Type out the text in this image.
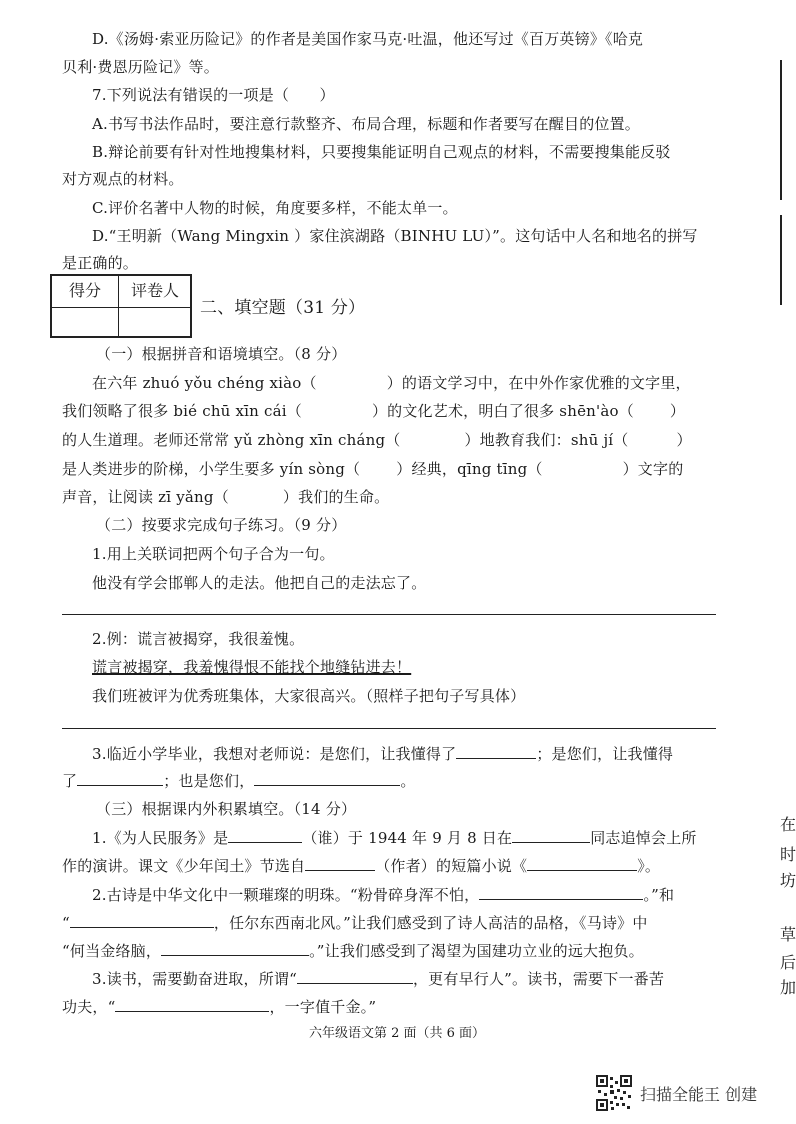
D.《汤姆·索亚历险记》的作者是美国作家马克·吐温，他还写过《百万英镑》《哈克
贝利·费恩历险记》等。
7.下列说法有错误的一项是（　　）
A.书写书法作品时，要注意行款整齐、布局合理，标题和作者要写在醒目的位置。
B.辩论前要有针对性地搜集材料，只要搜集能证明自己观点的材料，不需要搜集能反驳
对方观点的材料。
C.评价名著中人物的时候，角度要多样，不能太单一。
D.“王明新（Wang Mingxin ）家住滨湖路（BINHU LU）”。这句话中人名和地名的拼写
是正确的。
得分	评卷人
二、填空题（31 分）
（一）根据拼音和语境填空。（8 分）
在六年 zhuó yǒu chéng xiào（	）的语文学习中，在中外作家优雅的文字里，
我们领略了很多 bié chū xīn cái（	）的文化艺术，明白了很多 shēn'ào（ ）
的人生道理。老师还常常 yǔ zhòng xīn cháng（	）地教育我们：shū jí（	）
是人类进步的阶梯，小学生要多 yín sòng（ ）经典，qīng tīng（	）文字的
声音，让阅读 zī yǎng（	）我们的生命。
（二）按要求完成句子练习。（9 分）
1.用上关联词把两个句子合为一句。
他没有学会邯郸人的走法。他把自己的走法忘了。
2.例：谎言被揭穿，我很羞愧。
谎言被揭穿，我羞愧得恨不能找个地缝钻进去！
我们班被评为优秀班集体，大家很高兴。（照样子把句子写具体）
3.临近小学毕业，我想对老师说：是您们，让我懂得了	；是您们，让我懂得
了	；也是您们，	。
（三）根据课内外积累填空。（14 分）
1.《为人民服务》是	（谁）于 1944 年 9 月 8 日在	同志追悼会上所
作的演讲。课文《少年闰土》节选自	（作者）的短篇小说《	》。
2.古诗是中华文化中一颗璀璨的明珠。“粉骨碎身浑不怕，	。”和
“	，任尔东西南北风。”让我们感受到了诗人高洁的品格，《马诗》中
“何当金络脑，	。”让我们感受到了渴望为国建功立业的远大抱负。
3.读书，需要勤奋进取，所谓“	，更有早行人”。读书，需要下一番苦
功夫，“	，一字值千金。”
六年级语文第 2 面（共 6 面）
在
时
坊
草
后
加
扫描全能王 创建
